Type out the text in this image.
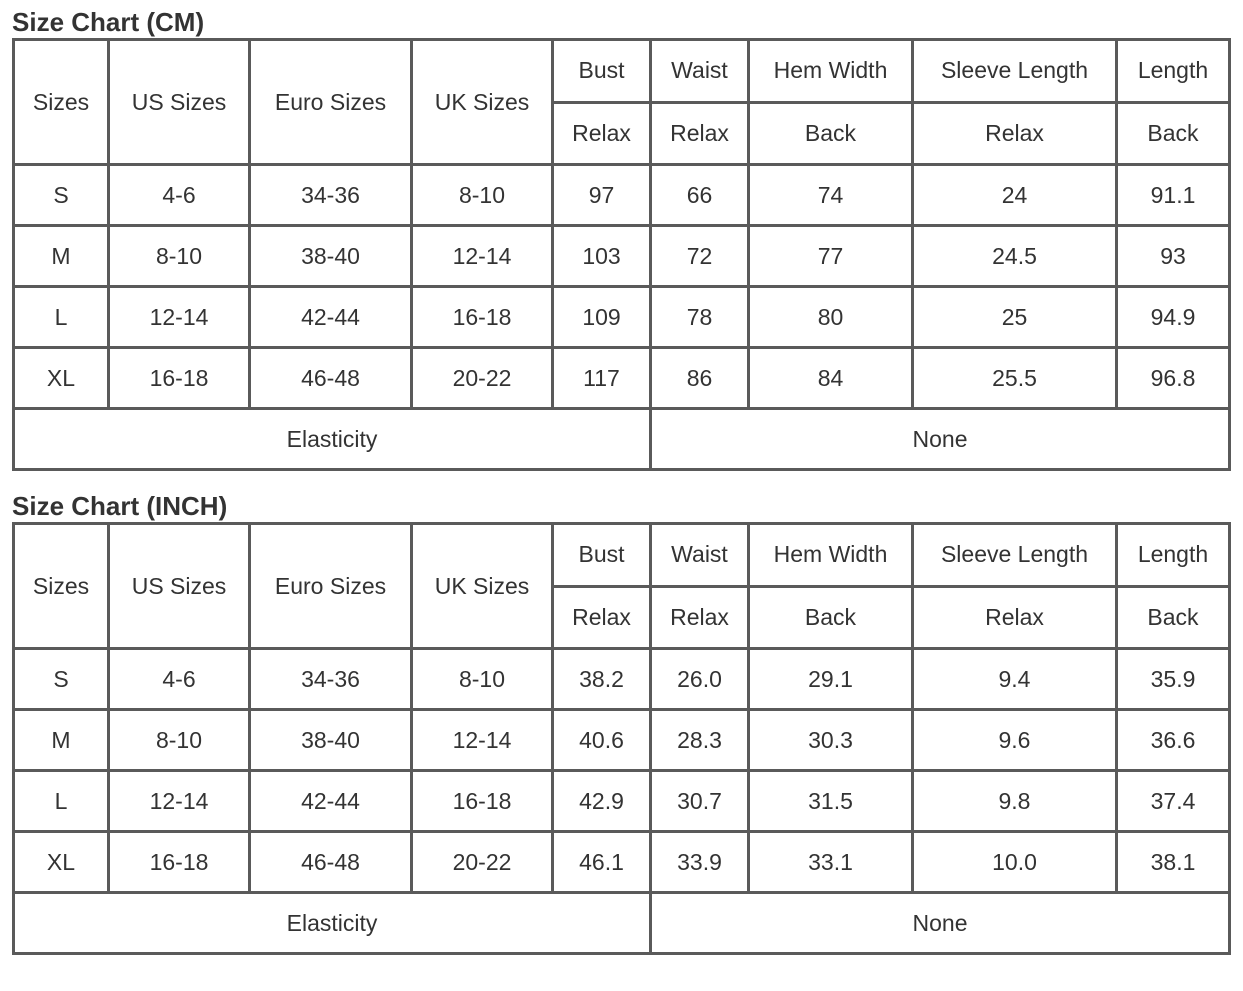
Size Chart (CM)
Sizes	US Sizes	Euro Sizes	UK Sizes	Bust	Waist	Hem Width	Sleeve Length	Length
				Relax	Relax	Back	Relax	Back
S	4-6	34-36	8-10	97	66	74	24	91.1
M	8-10	38-40	12-14	103	72	77	24.5	93
L	12-14	42-44	16-18	109	78	80	25	94.9
XL	16-18	46-48	20-22	117	86	84	25.5	96.8
Elasticity					None			
Size Chart (INCH)
Sizes	US Sizes	Euro Sizes	UK Sizes	Bust	Waist	Hem Width	Sleeve Length	Length
				Relax	Relax	Back	Relax	Back
S	4-6	34-36	8-10	38.2	26.0	29.1	9.4	35.9
M	8-10	38-40	12-14	40.6	28.3	30.3	9.6	36.6
L	12-14	42-44	16-18	42.9	30.7	31.5	9.8	37.4
XL	16-18	46-48	20-22	46.1	33.9	33.1	10.0	38.1
Elasticity					None			
